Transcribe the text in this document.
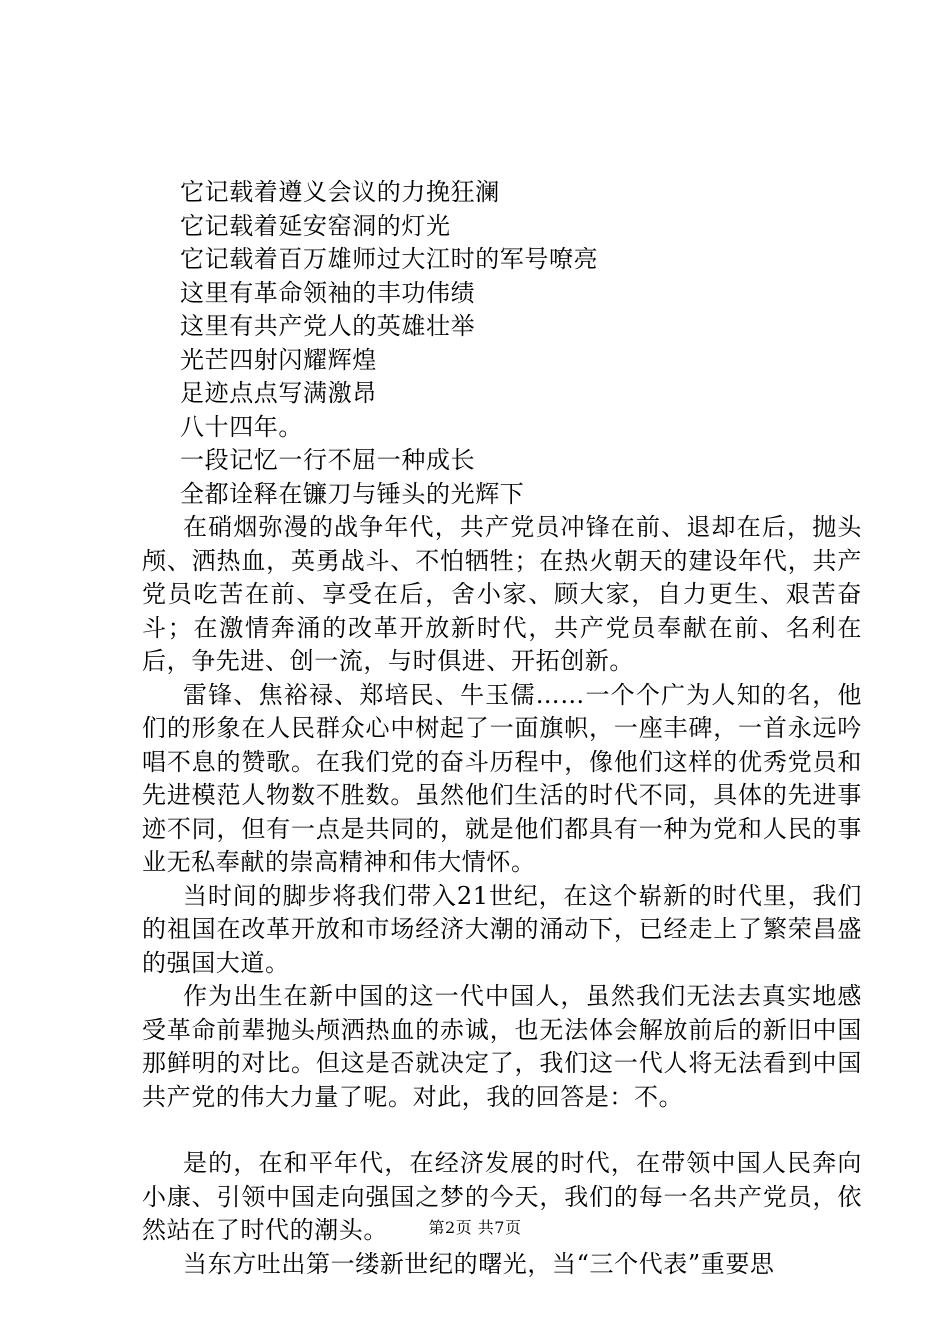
它记载着遵义会议的力挽狂澜

它记载着延安窑洞的灯光

它记载着百万雄师过大江时的军号嘹亮

这里有革命领袖的丰功伟绩

这里有共产党人的英雄壮举

光芒四射闪耀辉煌

足迹点点写满激昂

八十四年。

一段记忆一行不屈一种成长

全都诠释在镰刀与锤头的光辉下

在硝烟弥漫的战争年代，共产党员冲锋在前、退却在后，抛头颅、洒热血，英勇战斗、不怕牺牲；在热火朝天的建设年代，共产党员吃苦在前、享受在后，舍小家、顾大家，自力更生、艰苦奋斗；在激情奔涌的改革开放新时代，共产党员奉献在前、名利在后，争先进、创一流，与时俱进、开拓创新。

雷锋、焦裕禄、郑培民、牛玉儒……一个个广为人知的名，他们的形象在人民群众心中树起了一面旗帜，一座丰碑，一首永远吟唱不息的赞歌。在我们党的奋斗历程中，像他们这样的优秀党员和先进模范人物数不胜数。虽然他们生活的时代不同，具体的先进事迹不同，但有一点是共同的，就是他们都具有一种为党和人民的事业无私奉献的崇高精神和伟大情怀。

当时间的脚步将我们带入21世纪，在这个崭新的时代里，我们的祖国在改革开放和市场经济大潮的涌动下，已经走上了繁荣昌盛的强国大道。

作为出生在新中国的这一代中国人，虽然我们无法去真实地感受革命前辈抛头颅洒热血的赤诚，也无法体会解放前后的新旧中国那鲜明的对比。但这是否就决定了，我们这一代人将无法看到中国共产党的伟大力量了呢。对此，我的回答是：不。

是的，在和平年代，在经济发展的时代，在带领中国人民奔向小康、引领中国走向强国之梦的今天，我们的每一名共产党员，依然站在了时代的潮头。

当东方吐出第一缕新世纪的曙光，当“三个代表”重要思

第2页 共7页
